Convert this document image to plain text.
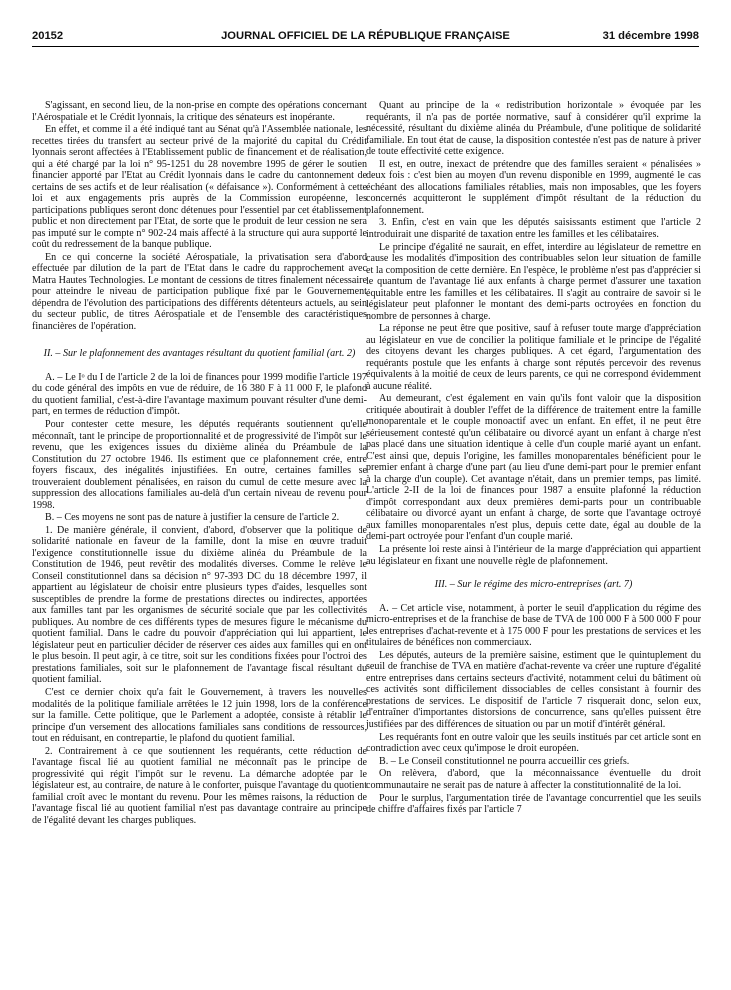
20152	JOURNAL OFFICIEL DE LA RÉPUBLIQUE FRANÇAISE	31 décembre 1998

S'agissant, en second lieu, de la non-prise en compte des opérations concernant l'Aérospatiale et le Crédit lyonnais, la critique des sénateurs est inopérante.

En effet, et comme il a été indiqué tant au Sénat qu'à l'Assemblée nationale, les recettes tirées du transfert au secteur privé de la majorité du capital du Crédit lyonnais seront affectées à l'Etablissement public de financement et de réalisation, qui a été chargé par la loi n° 95-1251 du 28 novembre 1995 de gérer le soutien financier apporté par l'Etat au Crédit lyonnais dans le cadre du cantonnement de certains de ses actifs et de leur réalisation (« défaisance »). Conformément à cette loi et aux engagements pris auprès de la Commission européenne, les participations publiques seront donc détenues pour l'essentiel par cet établissement public et non directement par l'Etat, de sorte que le produit de leur cession ne sera pas imputé sur le compte n° 902-24 mais affecté à la structure qui aura supporté le coût du redressement de la banque publique.

En ce qui concerne la société Aérospatiale, la privatisation sera d'abord effectuée par dilution de la part de l'Etat dans le cadre du rapprochement avec Matra Hautes Technologies. Le montant de cessions de titres finalement nécessaire pour atteindre le niveau de participation publique fixé par le Gouvernement dépendra de l'évolution des participations des différents détenteurs actuels, au sein du secteur public, de titres Aérospatiale et de l'ensemble des caractéristiques financières de l'opération.

II. – Sur le plafonnement des avantages résultant du quotient familial (art. 2)

A. – Le Iᵒ du I de l'article 2 de la loi de finances pour 1999 modifie l'article 197 du code général des impôts en vue de réduire, de 16 380 F à 11 000 F, le plafond du quotient familial, c'est-à-dire l'avantage maximum pouvant résulter d'une demi-part, en termes de réduction d'impôt.

Pour contester cette mesure, les députés requérants soutiennent qu'elle méconnaît, tant le principe de proportionnalité et de progressivité de l'impôt sur le revenu, que les exigences issues du dixième alinéa du Préambule de la Constitution du 27 octobre 1946. Ils estiment que ce plafonnement crée, entre foyers fiscaux, des inégalités injustifiées. En outre, certaines familles se trouveraient doublement pénalisées, en raison du cumul de cette mesure avec la suppression des allocations familiales au-delà d'un certain niveau de revenu pour 1998.

B. – Ces moyens ne sont pas de nature à justifier la censure de l'article 2.

1. De manière générale, il convient, d'abord, d'observer que la politique de solidarité nationale en faveur de la famille, dont la mise en œuvre traduit l'exigence constitutionnelle issue du dixième alinéa du Préambule de la Constitution de 1946, peut revêtir des modalités diverses. Comme le relève le Conseil constitutionnel dans sa décision n° 97-393 DC du 18 décembre 1997, il appartient au législateur de choisir entre plusieurs types d'aides, lesquelles sont susceptibles de prendre la forme de prestations directes ou indirectes, apportées aux familles tant par les organismes de sécurité sociale que par les collectivités publiques. Au nombre de ces différents types de mesures figure le mécanisme du quotient familial. Dans le cadre du pouvoir d'appréciation qui lui appartient, le législateur peut en particulier décider de réserver ces aides aux familles qui en ont le plus besoin. Il peut agir, à ce titre, soit sur les conditions fixées pour l'octroi des prestations familiales, soit sur le plafonnement de l'avantage fiscal résultant du quotient familial.

C'est ce dernier choix qu'a fait le Gouvernement, à travers les nouvelles modalités de la politique familiale arrêtées le 12 juin 1998, lors de la conférence sur la famille. Cette politique, que le Parlement a adoptée, consiste à rétablir le principe d'un versement des allocations familiales sans conditions de ressources, tout en réduisant, en contrepartie, le plafond du quotient familial.

2. Contrairement à ce que soutiennent les requérants, cette réduction de l'avantage fiscal lié au quotient familial ne méconnaît pas le principe de progressivité qui régit l'impôt sur le revenu. La démarche adoptée par le législateur est, au contraire, de nature à le conforter, puisque l'avantage du quotient familial croît avec le montant du revenu. Pour les mêmes raisons, la réduction de l'avantage fiscal lié au quotient familial n'est pas davantage contraire au principe de l'égalité devant les charges publiques.

Quant au principe de la « redistribution horizontale » évoquée par les requérants, il n'a pas de portée normative, sauf à considérer qu'il exprime la nécessité, résultant du dixième alinéa du Préambule, d'une politique de solidarité familiale. En tout état de cause, la disposition contestée n'est pas de nature à priver de toute effectivité cette exigence.

Il est, en outre, inexact de prétendre que des familles seraient « pénalisées » deux fois : c'est bien au moyen d'un revenu disponible en 1999, augmenté le cas échéant des allocations familiales rétablies, mais non imposables, que les foyers concernés acquitteront le supplément d'impôt résultant de la réduction du plafonnement.

3. Enfin, c'est en vain que les députés saisissants estiment que l'article 2 introduirait une disparité de taxation entre les familles et les célibataires.

Le principe d'égalité ne saurait, en effet, interdire au législateur de remettre en cause les modalités d'imposition des contribuables selon leur situation de famille et la composition de cette dernière. En l'espèce, le problème n'est pas d'apprécier si le quantum de l'avantage lié aux enfants à charge permet d'assurer une taxation équitable entre les familles et les célibataires. Il s'agit au contraire de savoir si le législateur peut plafonner le montant des demi-parts octroyées en fonction du nombre de personnes à charge.

La réponse ne peut être que positive, sauf à refuser toute marge d'appréciation au législateur en vue de concilier la politique familiale et le principe de l'égalité des citoyens devant les charges publiques. A cet égard, l'argumentation des requérants postule que les enfants à charge sont réputés percevoir des revenus équivalents à la moitié de ceux de leurs parents, ce qui ne correspond évidemment à aucune réalité.

Au demeurant, c'est également en vain qu'ils font valoir que la disposition critiquée aboutirait à doubler l'effet de la différence de traitement entre la famille monoparentale et le couple monoactif avec un enfant. En effet, il ne peut être sérieusement contesté qu'un célibataire ou divorcé ayant un enfant à charge n'est pas placé dans une situation identique à celle d'un couple marié ayant un enfant. C'est ainsi que, depuis l'origine, les familles monoparentales bénéficient pour le premier enfant à charge d'une part (au lieu d'une demi-part pour le premier enfant à la charge d'un couple). Cet avantage n'était, dans un premier temps, pas limité. L'article 2-II de la loi de finances pour 1987 a ensuite plafonné la réduction d'impôt correspondant aux deux premières demi-parts pour un contribuable célibataire ou divorcé ayant un enfant à charge, de sorte que l'avantage octroyé aux familles monoparentales n'est plus, depuis cette date, égal au double de la demi-part octroyée pour l'enfant d'un couple marié.

La présente loi reste ainsi à l'intérieur de la marge d'appréciation qui appartient au législateur en fixant une nouvelle règle de plafonnement.

III. – Sur le régime des micro-entreprises (art. 7)

A. – Cet article vise, notamment, à porter le seuil d'application du régime des micro-entreprises et de la franchise de base de TVA de 100 000 F à 500 000 F pour les entreprises d'achat-revente et à 175 000 F pour les prestations de services et les titulaires de bénéfices non commerciaux.

Les députés, auteurs de la première saisine, estiment que le quintuplement du seuil de franchise de TVA en matière d'achat-revente va créer une rupture d'égalité entre entreprises dans certains secteurs d'activité, notamment celui du bâtiment où ces activités sont difficilement dissociables de celles consistant à fournir des prestations de services. Le dispositif de l'article 7 risquerait donc, selon eux, d'entraîner d'importantes distorsions de concurrence, sans qu'elles puissent être justifiées par des différences de situation ou par un motif d'intérêt général.

Les requérants font en outre valoir que les seuils institués par cet article sont en contradiction avec ceux qu'impose le droit européen.

B. – Le Conseil constitutionnel ne pourra accueillir ces griefs.

On relèvera, d'abord, que la méconnaissance éventuelle du droit communautaire ne serait pas de nature à affecter la constitutionnalité de la loi.

Pour le surplus, l'argumentation tirée de l'avantage concurrentiel que les seuils de chiffre d'affaires fixés par l'article 7
